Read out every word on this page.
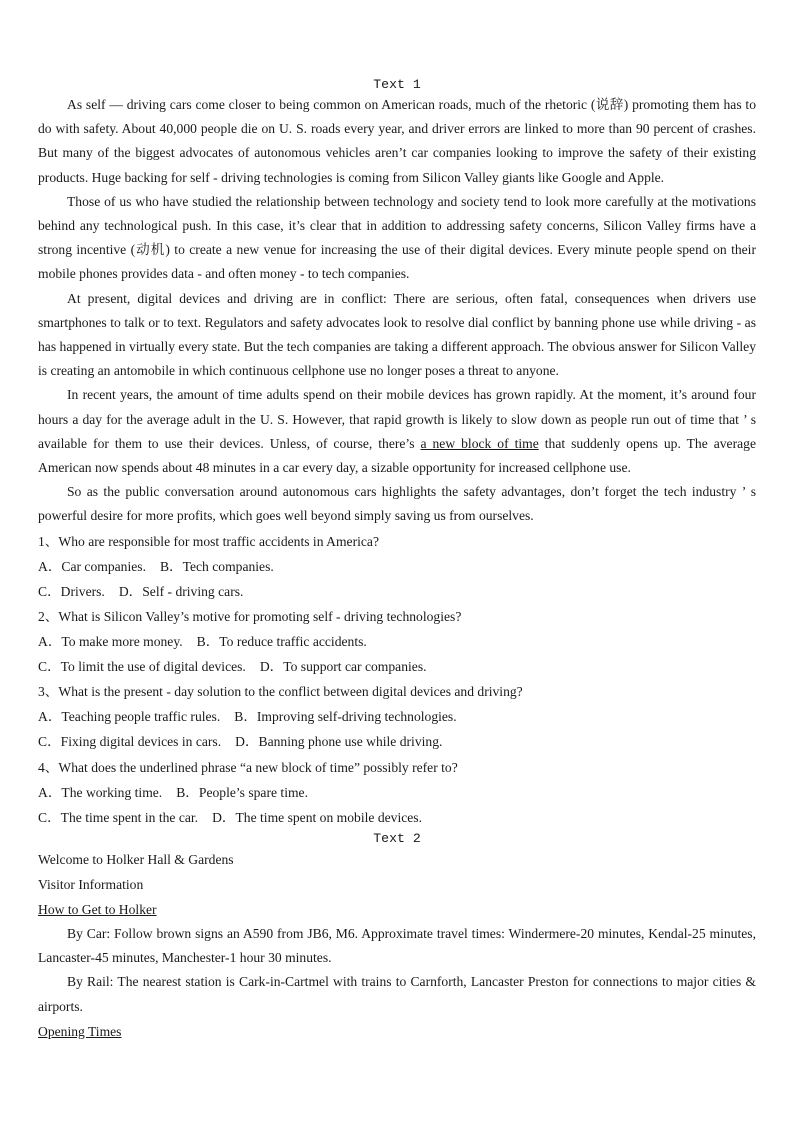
Text 1

As self — driving cars come closer to being common on American roads, much of the rhetoric (说辞) promoting them has to do with safety. About 40,000 people die on U. S. roads every year, and driver errors are linked to more than 90 percent of crashes. But many of the biggest advocates of autonomous vehicles aren’t car companies looking to improve the safety of their existing products. Huge backing for self - driving technologies is coming from Silicon Valley giants like Google and Apple.

Those of us who have studied the relationship between technology and society tend to look more carefully at the motivations behind any technological push. In this case, it’s clear that in addition to addressing safety concerns, Silicon Valley firms have a strong incentive (动机) to create a new venue for increasing the use of their digital devices. Every minute people spend on their mobile phones provides data - and often money - to tech companies.

At present, digital devices and driving are in conflict: There are serious, often fatal, consequences when drivers use smartphones to talk or to text. Regulators and safety advocates look to resolve dial conflict by banning phone use while driving - as has happened in virtually every state. But the tech companies are taking a different approach. The obvious answer for Silicon Valley is creating an antomobile in which continuous cellphone use no longer poses a threat to anyone.

In recent years, the amount of time adults spend on their mobile devices has grown rapidly. At the moment, it’s around four hours a day for the average adult in the U. S. However, that rapid growth is likely to slow down as people run out of time that ’ s available for them to use their devices. Unless, of course, there’s a new block of time that suddenly opens up. The average American now spends about 48 minutes in a car every day, a sizable opportunity for increased cellphone use.

So as the public conversation around autonomous cars highlights the safety advantages, don’t forget the tech industry ’ s powerful desire for more profits, which goes well beyond simply saving us from ourselves.

1、Who are responsible for most traffic accidents in America?

A．Car companies. B．Tech companies.

C．Drivers. D．Self - driving cars.

2、What is Silicon Valley’s motive for promoting self - driving technologies?

A．To make more money. B．To reduce traffic accidents.

C．To limit the use of digital devices. D．To support car companies.

3、What is the present - day solution to the conflict between digital devices and driving?

A．Teaching people traffic rules. B．Improving self-driving technologies.

C．Fixing digital devices in cars. D．Banning phone use while driving.

4、What does the underlined phrase “a new block of time” possibly refer to?

A．The working time. B．People’s spare time.

C．The time spent in the car. D．The time spent on mobile devices.

Text 2

Welcome to Holker Hall & Gardens

Visitor Information

How to Get to Holker

By Car: Follow brown signs an A590 from JB6, M6. Approximate travel times: Windermere-20 minutes, Kendal-25 minutes, Lancaster-45 minutes, Manchester-1 hour 30 minutes.

By Rail: The nearest station is Cark-in-Cartmel with trains to Carnforth, Lancaster Preston for connections to major cities & airports.

Opening Times
